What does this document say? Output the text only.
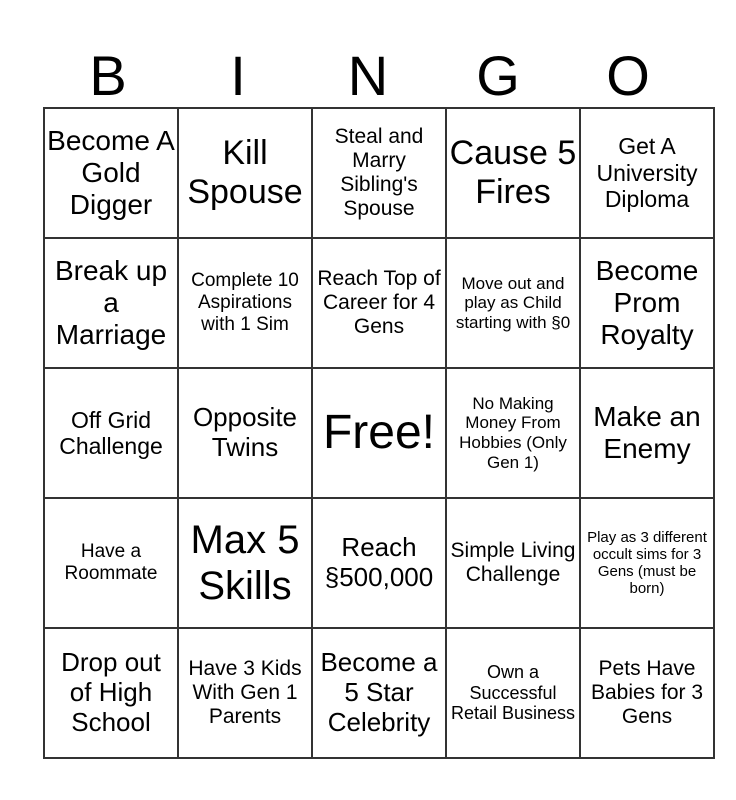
B	I	N	G	O
Become A Gold Digger	Kill Spouse	Steal and Marry Sibling's Spouse	Cause 5 Fires	Get A University Diploma
Break up a Marriage	Complete 10 Aspirations with 1 Sim	Reach Top of Career for 4 Gens	Move out and play as Child starting with §0	Become Prom Royalty
Off Grid Challenge	Opposite Twins	Free!	No Making Money From Hobbies (Only Gen 1)	Make an Enemy
Have a Roommate	Max 5 Skills	Reach §500,000	Simple Living Challenge	Play as 3 different occult sims for 3 Gens (must be born)
Drop out of High School	Have 3 Kids With Gen 1 Parents	Become a 5 Star Celebrity	Own a Successful Retail Business	Pets Have Babies for 3 Gens
